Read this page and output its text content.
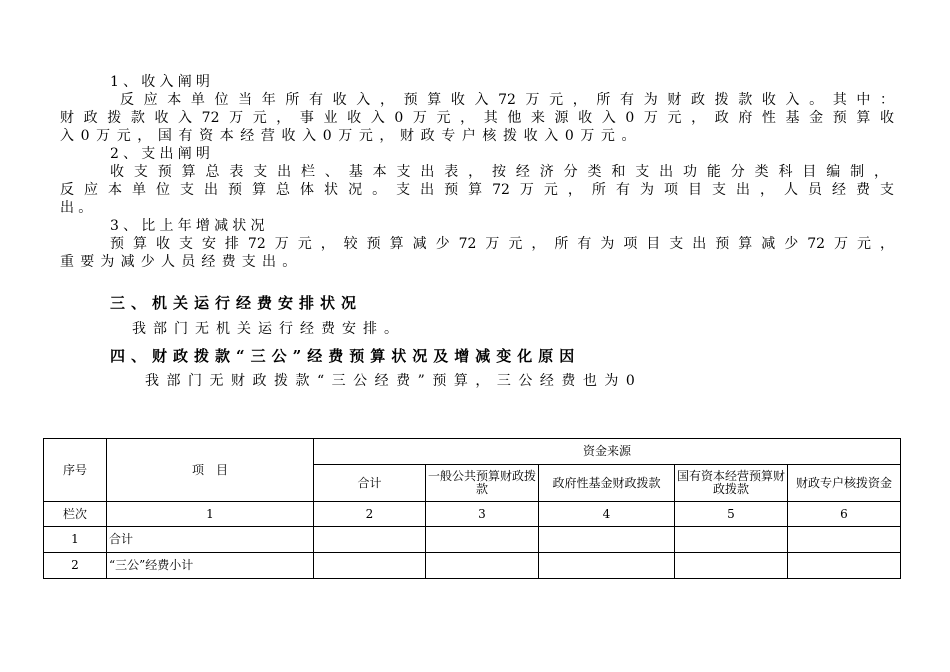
1、收入阐明
反应本单位当年所有收入，预算收入72万元，所有为财政拨款收入。其中：
财政拨款收入72万元，事业收入0万元，其他来源收入0万元，政府性基金预算收
入0万元，国有资本经营收入0万元，财政专户核拨收入0万元。
2、支出阐明
收支预算总表支出栏、基本支出表，按经济分类和支出功能分类科目编制，
反应本单位支出预算总体状况。支出预算72万元，所有为项目支出，人员经费支
出。
3、比上年增减状况
预算收支安排72万元，较预算减少72万元，所有为项目支出预算减少72万元，
重要为减少人员经费支出。
三、机关运行经费安排状况
我部门无机关运行经费安排。
四、财政拨款“三公”经费预算状况及增减变化原因
我部门无财政拨款“三公经费”预算，三公经费也为0
序号	项　目	资金来源				
		合计	一般公共预算财政拨款	政府性基金财政拨款	国有资本经营预算财政拨款	财政专户核拨资金
栏次	1	2	3	4	5	6
1	合计					
2	“三公”经费小计					
